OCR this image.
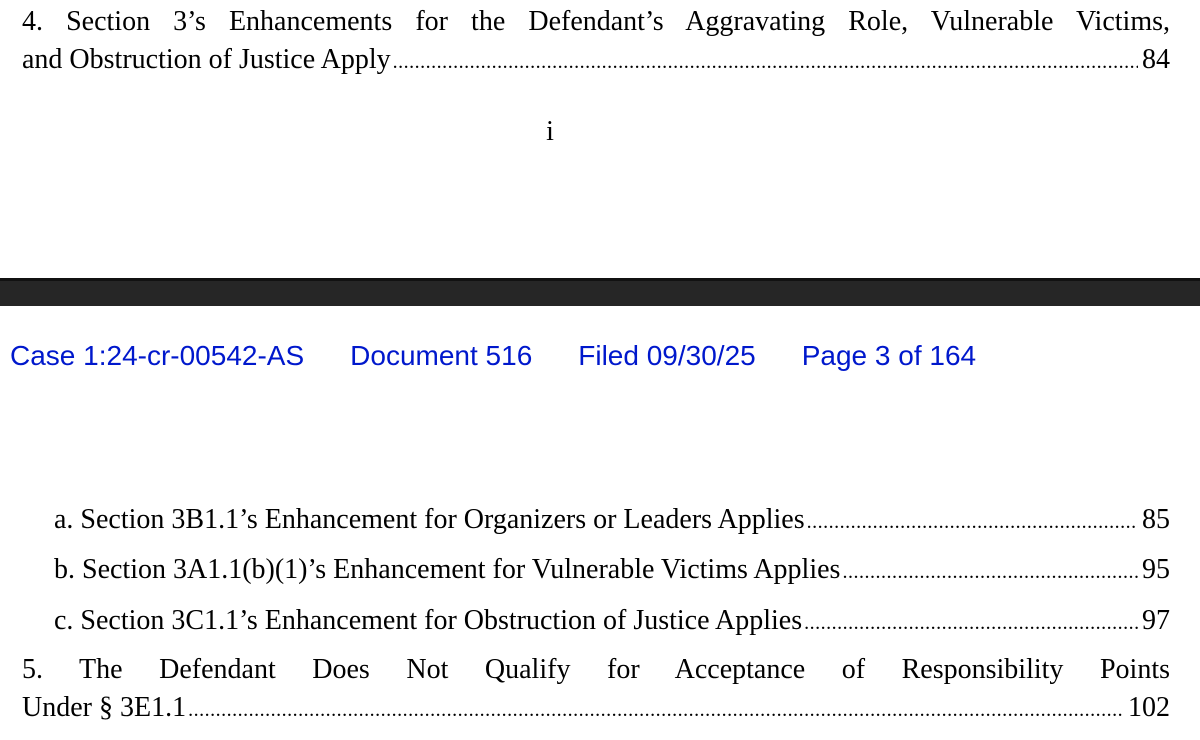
4. Section 3’s Enhancements for the Defendant’s Aggravating Role, Vulnerable Victims,
and Obstruction of Justice Apply .....	84
i
Case 1:24-cr-00542-AS Document 516 Filed 09/30/25 Page 3 of 164
a. Section 3B1.1’s Enhancement for Organizers or Leaders Applies .....	85
b. Section 3A1.1(b)(1)’s Enhancement for Vulnerable Victims Applies .....	95
c. Section 3C1.1’s Enhancement for Obstruction of Justice Applies .....	97
5. The Defendant Does Not Qualify for Acceptance of Responsibility Points
Under § 3E1.1 .....	102
